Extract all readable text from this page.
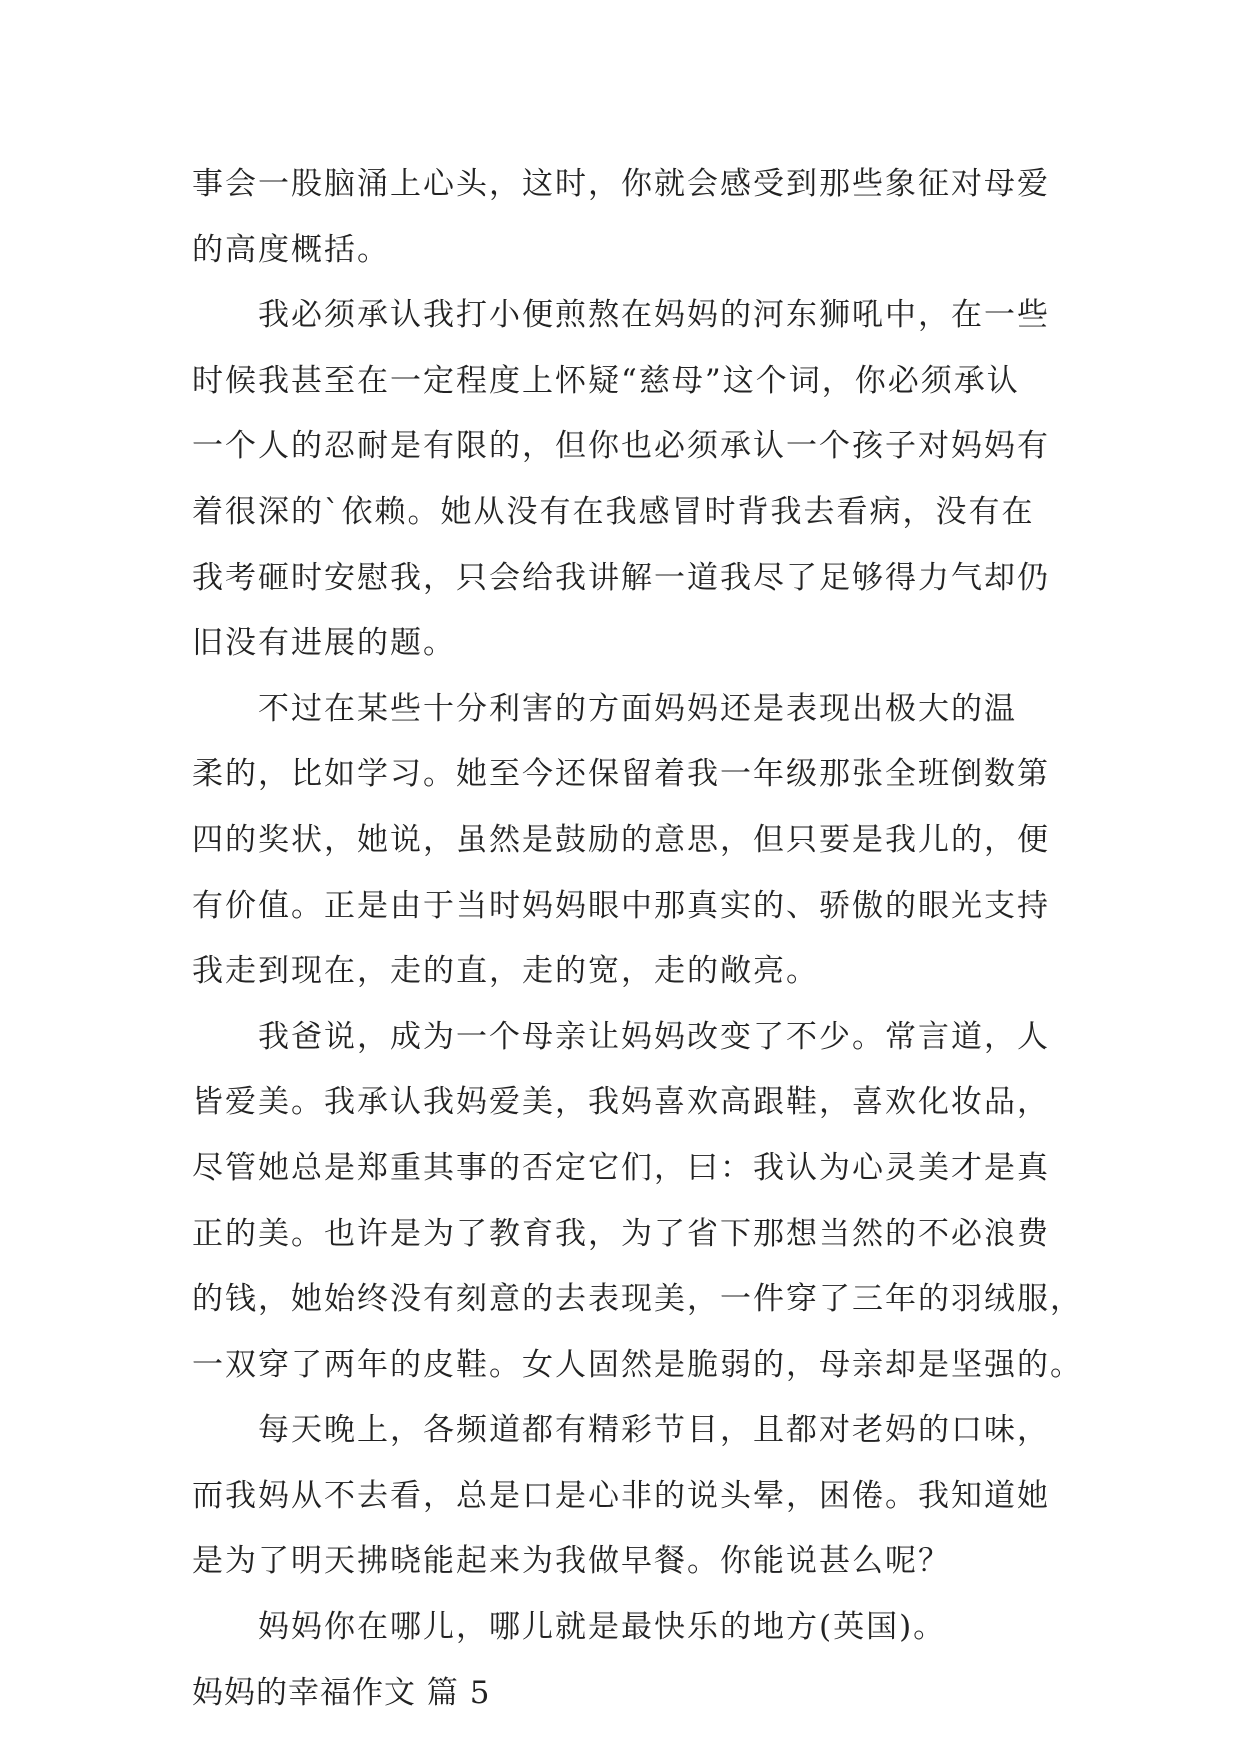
事会一股脑涌上心头，这时，你就会感受到那些象征对母爱
的高度概括。
我必须承认我打小便煎熬在妈妈的河东狮吼中，在一些
时候我甚至在一定程度上怀疑“慈母”这个词，你必须承认
一个人的忍耐是有限的，但你也必须承认一个孩子对妈妈有
着很深的`依赖。她从没有在我感冒时背我去看病，没有在
我考砸时安慰我，只会给我讲解一道我尽了足够得力气却仍
旧没有进展的题。
不过在某些十分利害的方面妈妈还是表现出极大的温
柔的，比如学习。她至今还保留着我一年级那张全班倒数第
四的奖状，她说，虽然是鼓励的意思，但只要是我儿的，便
有价值。正是由于当时妈妈眼中那真实的、骄傲的眼光支持
我走到现在，走的直，走的宽，走的敞亮。
我爸说，成为一个母亲让妈妈改变了不少。常言道，人
皆爱美。我承认我妈爱美，我妈喜欢高跟鞋，喜欢化妆品，
尽管她总是郑重其事的否定它们，曰：我认为心灵美才是真
正的美。也许是为了教育我，为了省下那想当然的不必浪费
的钱，她始终没有刻意的去表现美，一件穿了三年的羽绒服，
一双穿了两年的皮鞋。女人固然是脆弱的，母亲却是坚强的。
每天晚上，各频道都有精彩节目，且都对老妈的口味，
而我妈从不去看，总是口是心非的说头晕，困倦。我知道她
是为了明天拂晓能起来为我做早餐。你能说甚么呢？
妈妈你在哪儿，哪儿就是最快乐的地方(英国)。
妈妈的幸福作文 篇 5
